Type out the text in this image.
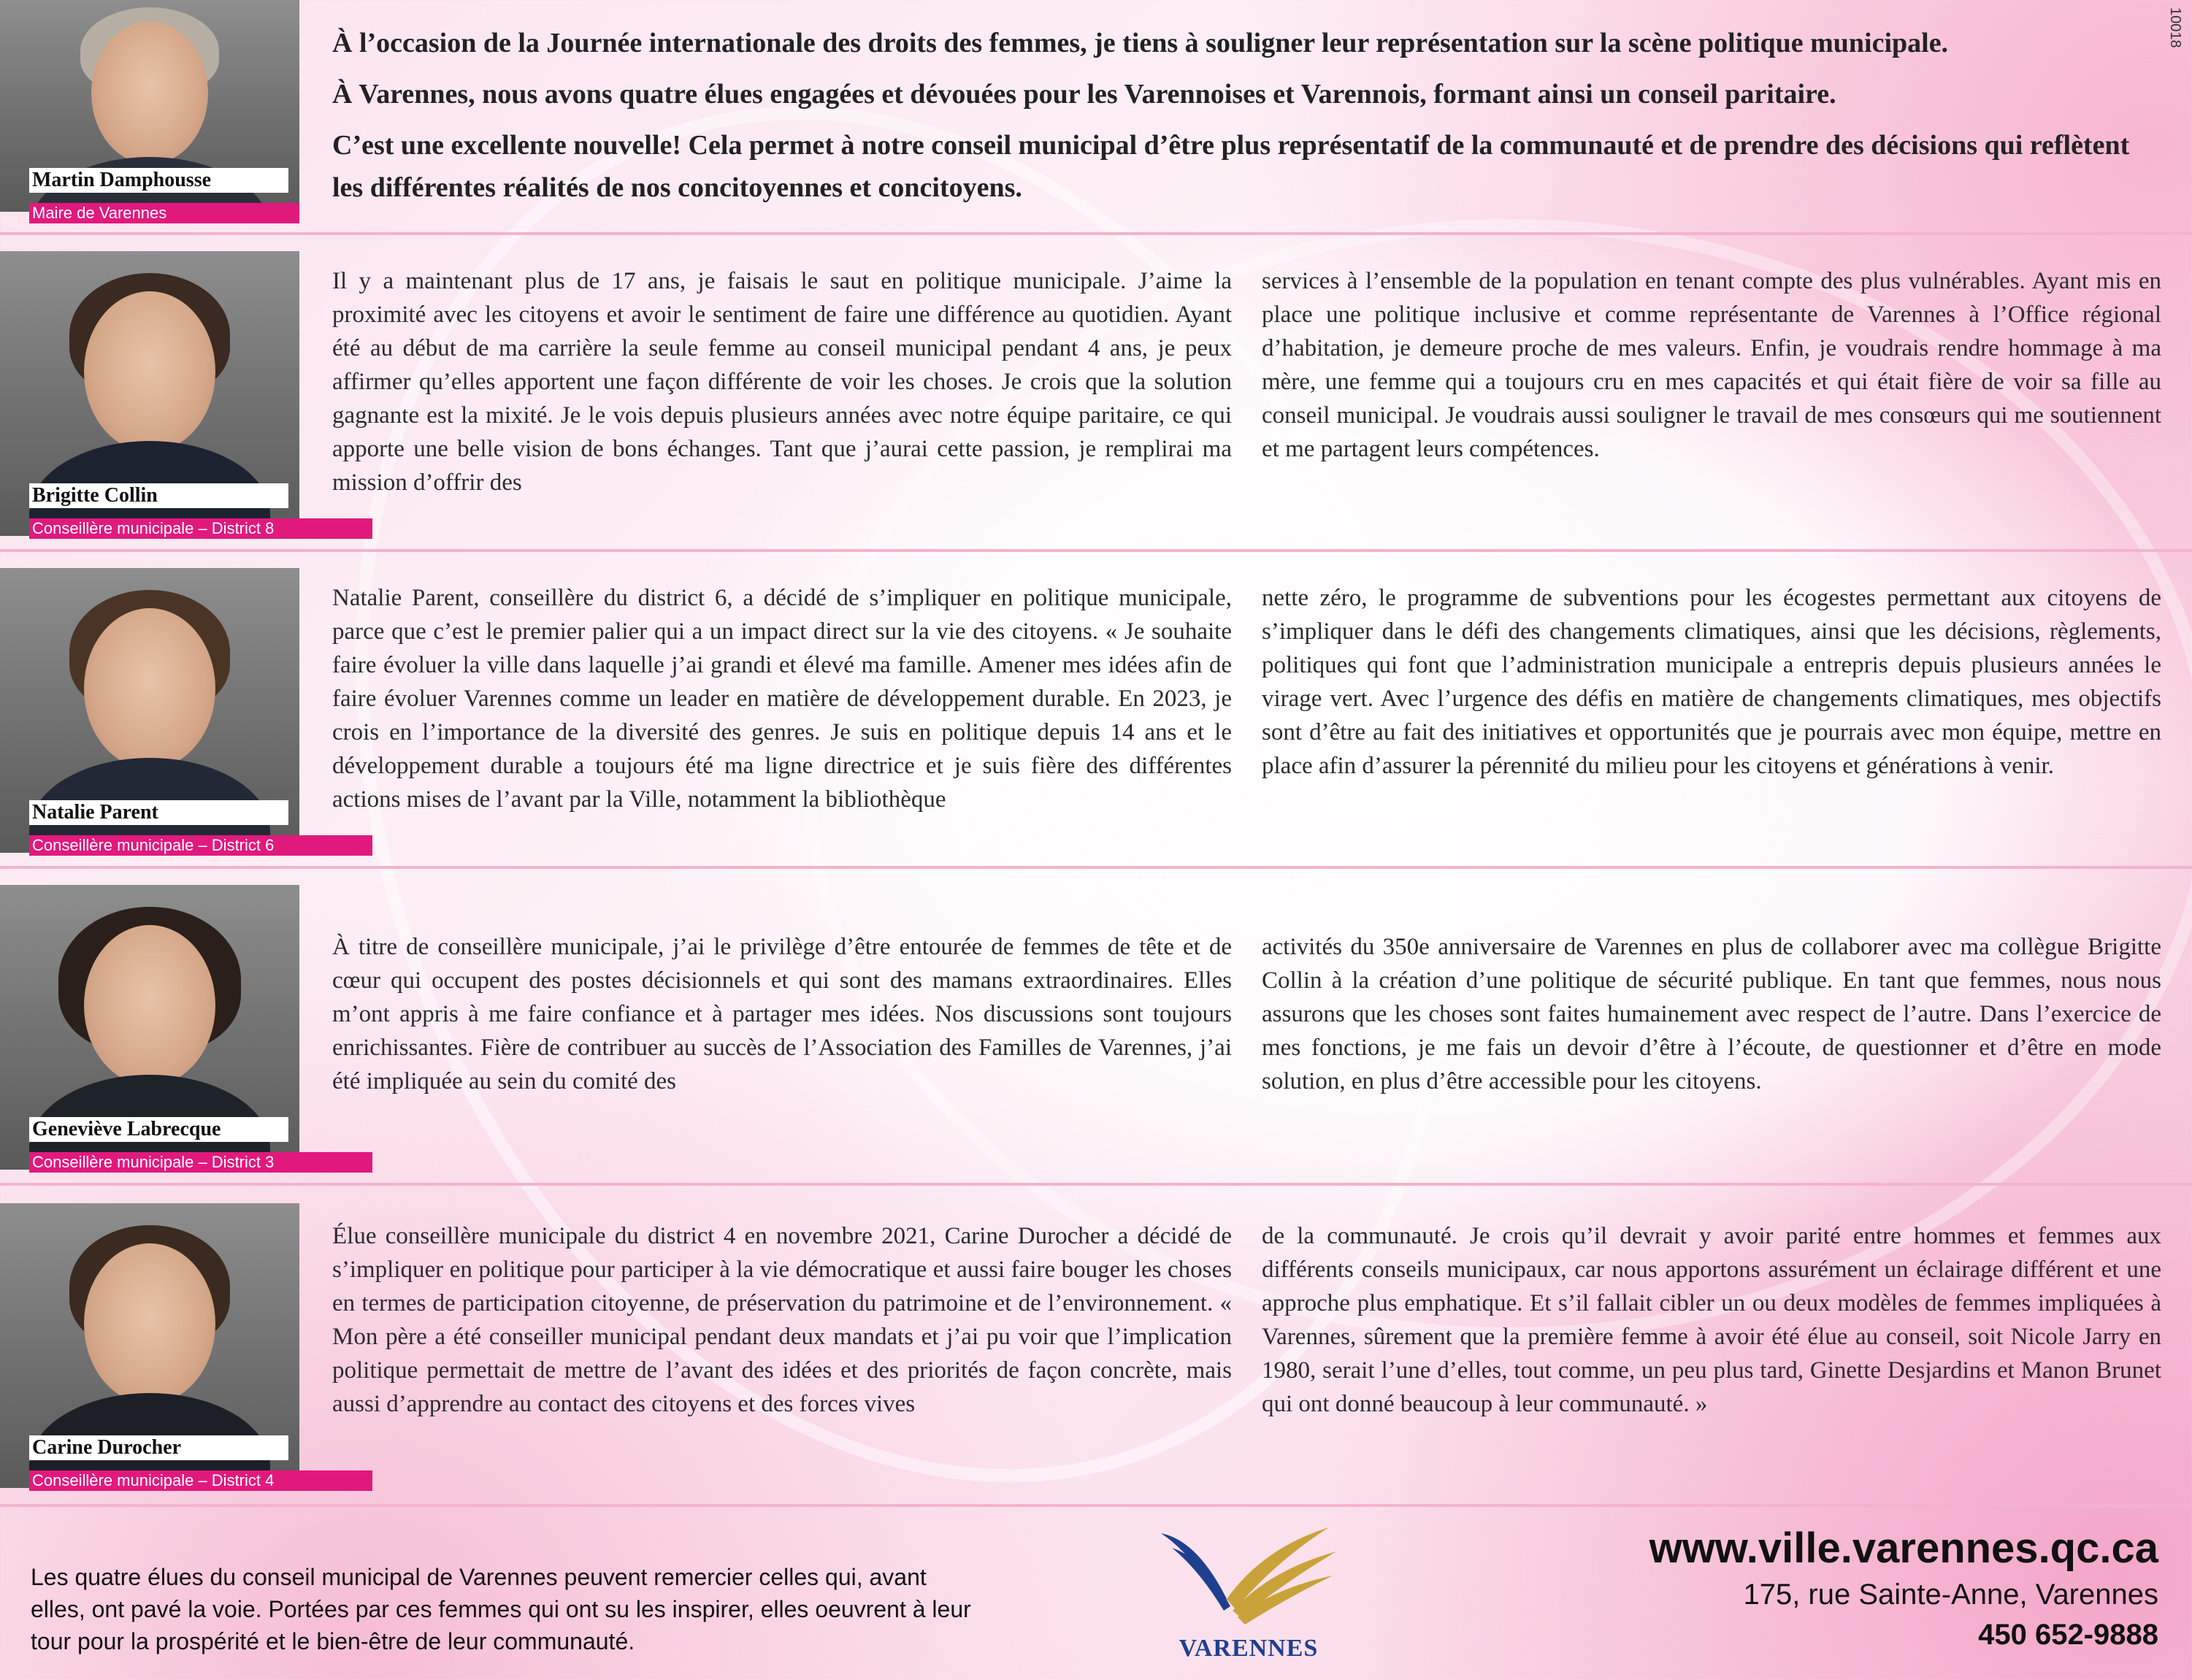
10018
Martin Damphousse
Maire de Varennes

À l’occasion de la Journée internationale des droits des femmes, je tiens à souligner leur représentation sur la scène politique municipale.

À Varennes, nous avons quatre élues engagées et dévouées pour les Varennoises et Varennois, formant ainsi un conseil paritaire.

C’est une excellente nouvelle! Cela permet à notre conseil municipal d’être plus représentatif de la communauté et de prendre des décisions qui reflètent les différentes réalités de nos concitoyennes et concitoyens.

Brigitte Collin
Conseillère municipale – District 8
Il y a maintenant plus de 17 ans, je faisais le saut en politique municipale. J’aime la proximité avec les citoyens et avoir le sentiment de faire une différence au quotidien. Ayant été au début de ma carrière la seule femme au conseil municipal pendant 4 ans, je peux affirmer qu’elles apportent une façon différente de voir les choses. Je crois que la solution gagnante est la mixité. Je le vois depuis plusieurs années avec notre équipe paritaire, ce qui apporte une belle vision de bons échanges. Tant que j’aurai cette passion, je remplirai ma mission d’offrir des
services à l’ensemble de la population en tenant compte des plus vulnérables. Ayant mis en place une politique inclusive et comme représentante de Varennes à l’Office régional d’habitation, je demeure proche de mes valeurs. Enfin, je voudrais rendre hommage à ma mère, une femme qui a toujours cru en mes capacités et qui était fière de voir sa fille au conseil municipal. Je voudrais aussi souligner le travail de mes consœurs qui me soutiennent et me partagent leurs compétences.
Natalie Parent
Conseillère municipale – District 6
Natalie Parent, conseillère du district 6, a décidé de s’impliquer en politique municipale, parce que c’est le premier palier qui a un impact direct sur la vie des citoyens. « Je souhaite faire évoluer la ville dans laquelle j’ai grandi et élevé ma famille. Amener mes idées afin de faire évoluer Varennes comme un leader en matière de développement durable. En 2023, je crois en l’importance de la diversité des genres. Je suis en politique depuis 14 ans et le développement durable a toujours été ma ligne directrice et je suis fière des différentes actions mises de l’avant par la Ville, notamment la bibliothèque
nette zéro, le programme de subventions pour les écogestes permettant aux citoyens de s’impliquer dans le défi des changements climatiques, ainsi que les décisions, règlements, politiques qui font que l’administration municipale a entrepris depuis plusieurs années le virage vert. Avec l’urgence des défis en matière de changements climatiques, mes objectifs sont d’être au fait des initiatives et opportunités que je pourrais avec mon équipe, mettre en place afin d’assurer la pérennité du milieu pour les citoyens et générations à venir.
Geneviève Labrecque
Conseillère municipale – District 3
À titre de conseillère municipale, j’ai le privilège d’être entourée de femmes de tête et de cœur qui occupent des postes décisionnels et qui sont des mamans extraordinaires. Elles m’ont appris à me faire confiance et à partager mes idées. Nos discussions sont toujours enrichissantes. Fière de contribuer au succès de l’Association des Familles de Varennes, j’ai été impliquée au sein du comité des
activités du 350e anniversaire de Varennes en plus de collaborer avec ma collègue Brigitte Collin à la création d’une politique de sécurité publique. En tant que femmes, nous nous assurons que les choses sont faites humainement avec respect de l’autre. Dans l’exercice de mes fonctions, je me fais un devoir d’être à l’écoute, de questionner et d’être en mode solution, en plus d’être accessible pour les citoyens.
Carine Durocher
Conseillère municipale – District 4
Élue conseillère municipale du district 4 en novembre 2021, Carine Durocher a décidé de s’impliquer en politique pour participer à la vie démocratique et aussi faire bouger les choses en termes de participation citoyenne, de préservation du patrimoine et de l’environnement. « Mon père a été conseiller municipal pendant deux mandats et j’ai pu voir que l’implication politique permettait de mettre de l’avant des idées et des priorités de façon concrète, mais aussi d’apprendre au contact des citoyens et des forces vives
de la communauté. Je crois qu’il devrait y avoir parité entre hommes et femmes aux différents conseils municipaux, car nous apportons assurément un éclairage différent et une approche plus emphatique. Et s’il fallait cibler un ou deux modèles de femmes impliquées à Varennes, sûrement que la première femme à avoir été élue au conseil, soit Nicole Jarry en 1980, serait l’une d’elles, tout comme, un peu plus tard, Ginette Desjardins et Manon Brunet qui ont donné beaucoup à leur communauté. »
Les quatre élues du conseil municipal de Varennes peuvent remercier celles qui, avant elles, ont pavé la voie. Portées par ces femmes qui ont su les inspirer, elles oeuvrent à leur tour pour la prospérité et le bien-être de leur communauté.	VARENNES
www.ville.varennes.qc.ca
175, rue Sainte-Anne, Varennes
450 652-9888
